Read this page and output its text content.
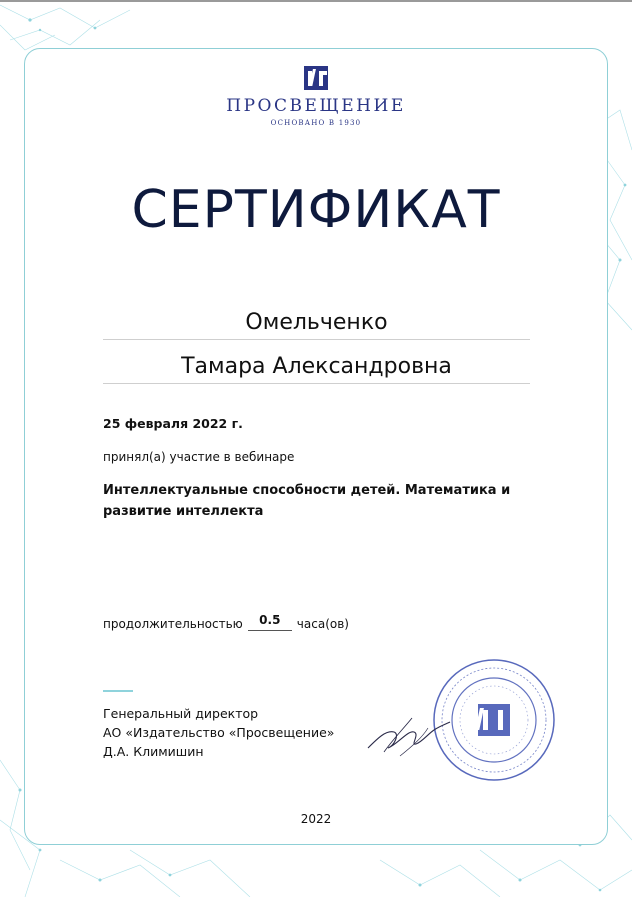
ПРОСВЕЩЕНИЕ
ОСНОВАНО В 1930
СЕРТИФИКАТ
Омельченко
Тамара Александровна
25 февраля 2022 г.
принял(а) участие в вебинаре
Интеллектуальные способности детей. Математика и развитие интеллекта
продолжительностью	0.5	часа(ов)
Генеральный директор
АО «Издательство «Просвещение»
Д.А. Климишин
2022
